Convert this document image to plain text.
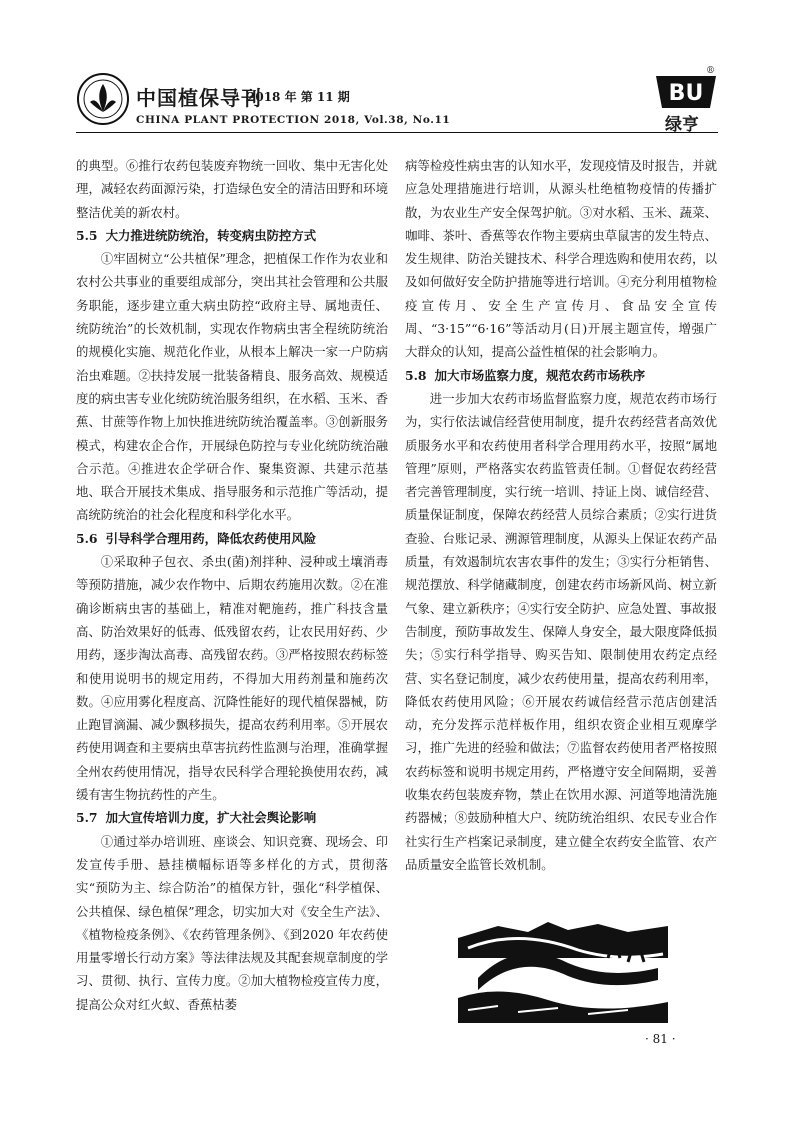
中国植保导刊
2018 年 第 11 期
CHINA PLANT PROTECTION 2018, Vol.38, No.11
BU
®
绿亨

的典型。⑥推行农药包装废弃物统一回收、集中无害化处理，减轻农药面源污染，打造绿色安全的清洁田野和环境整洁优美的新农村。

5.5 大力推进统防统治，转变病虫防控方式

①牢固树立“公共植保”理念，把植保工作作为农业和农村公共事业的重要组成部分，突出其社会管理和公共服务职能，逐步建立重大病虫防控“政府主导、属地责任、统防统治”的长效机制，实现农作物病虫害全程统防统治的规模化实施、规范化作业，从根本上解决一家一户防病治虫难题。②扶持发展一批装备精良、服务高效、规模适度的病虫害专业化统防统治服务组织，在水稻、玉米、香蕉、甘蔗等作物上加快推进统防统治覆盖率。③创新服务模式，构建农企合作，开展绿色防控与专业化统防统治融合示范。④推进农企学研合作、聚集资源、共建示范基地、联合开展技术集成、指导服务和示范推广等活动，提高统防统治的社会化程度和科学化水平。

5.6 引导科学合理用药，降低农药使用风险

①采取种子包衣、杀虫(菌)剂拌种、浸种或土壤消毒等预防措施，减少农作物中、后期农药施用次数。②在准确诊断病虫害的基础上，精准对靶施药，推广科技含量高、防治效果好的低毒、低残留农药，让农民用好药、少用药，逐步淘汰高毒、高残留农药。③严格按照农药标签和使用说明书的规定用药，不得加大用药剂量和施药次数。④应用雾化程度高、沉降性能好的现代植保器械，防止跑冒滴漏、减少飘移损失，提高农药利用率。⑤开展农药使用调查和主要病虫草害抗药性监测与治理，准确掌握全州农药使用情况，指导农民科学合理轮换使用农药，减缓有害生物抗药性的产生。

5.7 加大宣传培训力度，扩大社会舆论影响

①通过举办培训班、座谈会、知识竞赛、现场会、印发宣传手册、悬挂横幅标语等多样化的方式，贯彻落实“预防为主、综合防治”的植保方针，强化“科学植保、公共植保、绿色植保”理念，切实加大对《安全生产法》、《植物检疫条例》、《农药管理条例》、《到2020 年农药使用量零增长行动方案》等法律法规及其配套规章制度的学习、贯彻、执行、宣传力度。②加大植物检疫宣传力度，提高公众对红火蚁、香蕉枯萎

病等检疫性病虫害的认知水平，发现疫情及时报告，并就应急处理措施进行培训，从源头杜绝植物疫情的传播扩散，为农业生产安全保驾护航。③对水稻、玉米、蔬菜、咖啡、茶叶、香蕉等农作物主要病虫草鼠害的发生特点、发生规律、防治关键技术、科学合理选购和使用农药，以及如何做好安全防护措施等进行培训。④充分利用植物检疫宣传月、安全生产宣传月、食品安全宣传周、“3·15”“6·16”等活动月(日)开展主题宣传，增强广大群众的认知，提高公益性植保的社会影响力。

5.8 加大市场监察力度，规范农药市场秩序

进一步加大农药市场监督监察力度，规范农药市场行为，实行依法诚信经营使用制度，提升农药经营者高效优质服务水平和农药使用者科学合理用药水平，按照“属地管理”原则，严格落实农药监管责任制。①督促农药经营者完善管理制度，实行统一培训、持证上岗、诚信经营、质量保证制度，保障农药经营人员综合素质；②实行进货查验、台账记录、溯源管理制度，从源头上保证农药产品质量，有效遏制坑农害农事件的发生；③实行分柜销售、规范摆放、科学储藏制度，创建农药市场新风尚、树立新气象、建立新秩序；④实行安全防护、应急处置、事故报告制度，预防事故发生、保障人身安全，最大限度降低损失；⑤实行科学指导、购买告知、限制使用农药定点经营、实名登记制度，减少农药使用量，提高农药利用率，降低农药使用风险；⑥开展农药诚信经营示范店创建活动，充分发挥示范样板作用，组织农资企业相互观摩学习，推广先进的经验和做法；⑦监督农药使用者严格按照农药标签和说明书规定用药，严格遵守安全间隔期，妥善收集农药包装废弃物，禁止在饮用水源、河道等地清洗施药器械；⑧鼓励种植大户、统防统治组织、农民专业合作社实行生产档案记录制度，建立健全农药安全监管、农产品质量安全监管长效机制。

· 81 ·
